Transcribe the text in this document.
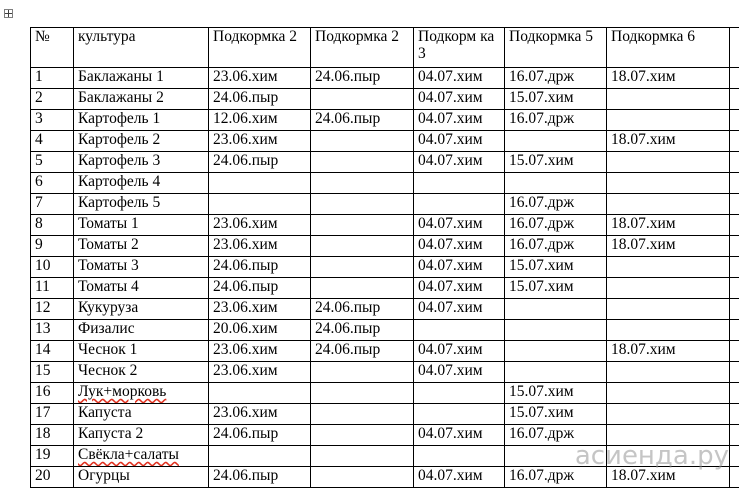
№	культура	Подкормка 2	Подкормка 2	Подкорм ка 3	Подкормка 5	Подкормка 6	
1	Баклажаны 1	23.06.хим	24.06.пыр	04.07.хим	16.07.држ	18.07.хим	
2	Баклажаны 2	24.06.пыр		04.07.хим	15.07.хим		
3	Картофель 1	12.06.хим	24.06.пыр	04.07.хим	16.07.држ		
4	Картофель 2	23.06.хим		04.07.хим		18.07.хим	
5	Картофель 3	24.06.пыр		04.07.хим	15.07.хим		
6	Картофель 4						
7	Картофель 5				16.07.држ		
8	Томаты 1	23.06.хим		04.07.хим	16.07.држ	18.07.хим	
9	Томаты 2	23.06.хим		04.07.хим	16.07.држ	18.07.хим	
10	Томаты 3	24.06.пыр		04.07.хим	15.07.хим		
11	Томаты 4	24.06.пыр		04.07.хим	15.07.хим		
12	Кукуруза	23.06.хим	24.06.пыр	04.07.хим			
13	Физалис	20.06.хим	24.06.пыр				
14	Чеснок 1	23.06.хим	24.06.пыр	04.07.хим		18.07.хим	
15	Чеснок 2	23.06.хим		04.07.хим			
16	Лук+морковь				15.07.хим		
17	Капуста	23.06.хим			15.07.хим		
18	Капуста 2	24.06.пыр		04.07.хим	16.07.држ		
19	Свёкла+салаты						
20	Огурцы	24.06.пыр		04.07.хим	16.07.држ	18.07.хим	
асиенда.ру
